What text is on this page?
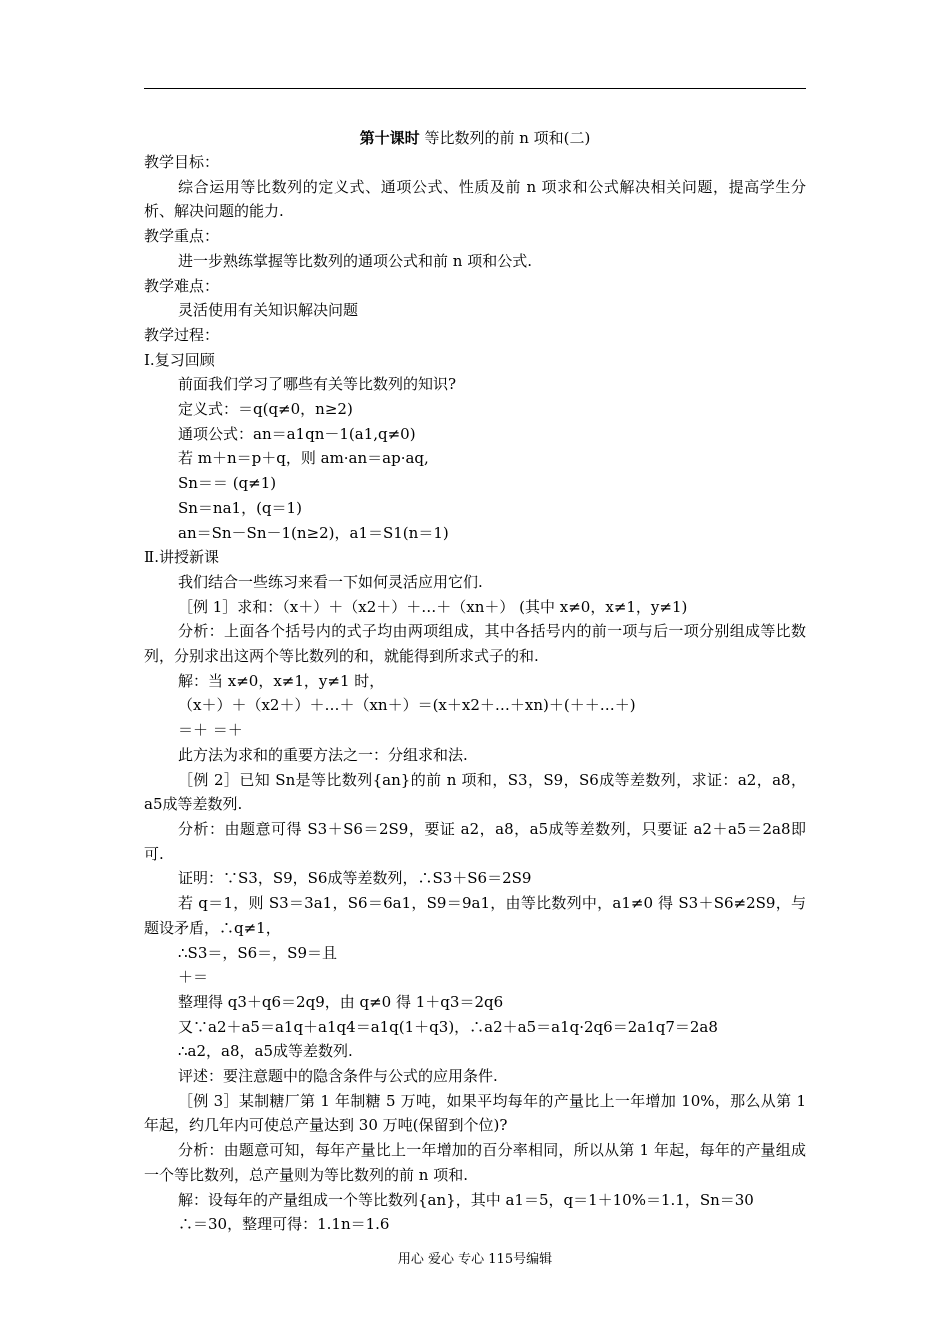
第十课时 等比数列的前 n 项和(二)

教学目标：

综合运用等比数列的定义式、通项公式、性质及前 n 项求和公式解决相关问题，提高学生分析、解决问题的能力.

教学重点：

进一步熟练掌握等比数列的通项公式和前 n 项和公式.

教学难点：

灵活使用有关知识解决问题

教学过程：

Ⅰ.复习回顾

前面我们学习了哪些有关等比数列的知识?

定义式：＝q(q≠0，n≥2)

通项公式：an＝a1qn－1(a1,q≠0)

若 m＋n＝p＋q，则 am·an＝ap·aq,

Sn＝＝ (q≠1)

Sn＝na1，(q＝1)

an＝Sn－Sn－1(n≥2)，a1＝S1(n＝1)

Ⅱ.讲授新课

我们结合一些练习来看一下如何灵活应用它们.

［例 1］求和：（x＋）＋（x2＋）＋…＋（xn＋） (其中 x≠0，x≠1，y≠1)

分析：上面各个括号内的式子均由两项组成，其中各括号内的前一项与后一项分别组成等比数列，分别求出这两个等比数列的和，就能得到所求式子的和.

解：当 x≠0，x≠1，y≠1 时，

（x＋）＋（x2＋）＋…＋（xn＋）＝(x＋x2＋…＋xn)＋(＋＋…＋)

＝＋ ＝＋

此方法为求和的重要方法之一：分组求和法.

［例 2］已知 Sn是等比数列{an}的前 n 项和，S3，S9，S6成等差数列，求证：a2，a8，a5成等差数列.

分析：由题意可得 S3＋S6＝2S9，要证 a2，a8，a5成等差数列，只要证 a2＋a5＝2a8即可.

证明：∵S3，S9，S6成等差数列，∴S3＋S6＝2S9

若 q＝1，则 S3＝3a1，S6＝6a1，S9＝9a1，由等比数列中，a1≠0 得 S3＋S6≠2S9，与题设矛盾，∴q≠1，

∴S3＝，S6＝，S9＝且

＋＝

整理得 q3＋q6＝2q9，由 q≠0 得 1＋q3＝2q6

又∵a2＋a5＝a1q＋a1q4＝a1q(1＋q3)，∴a2＋a5＝a1q·2q6＝2a1q7＝2a8

∴a2，a8，a5成等差数列.

评述：要注意题中的隐含条件与公式的应用条件.

［例 3］某制糖厂第 1 年制糖 5 万吨，如果平均每年的产量比上一年增加 10%，那么从第 1 年起，约几年内可使总产量达到 30 万吨(保留到个位)?

分析：由题意可知，每年产量比上一年增加的百分率相同，所以从第 1 年起，每年的产量组成一个等比数列，总产量则为等比数列的前 n 项和.

解：设每年的产量组成一个等比数列{an}，其中 a1＝5，q＝1＋10%＝1.1，Sn＝30

∴＝30，整理可得：1.1n＝1.6

用心 爱心 专心 115号编辑
